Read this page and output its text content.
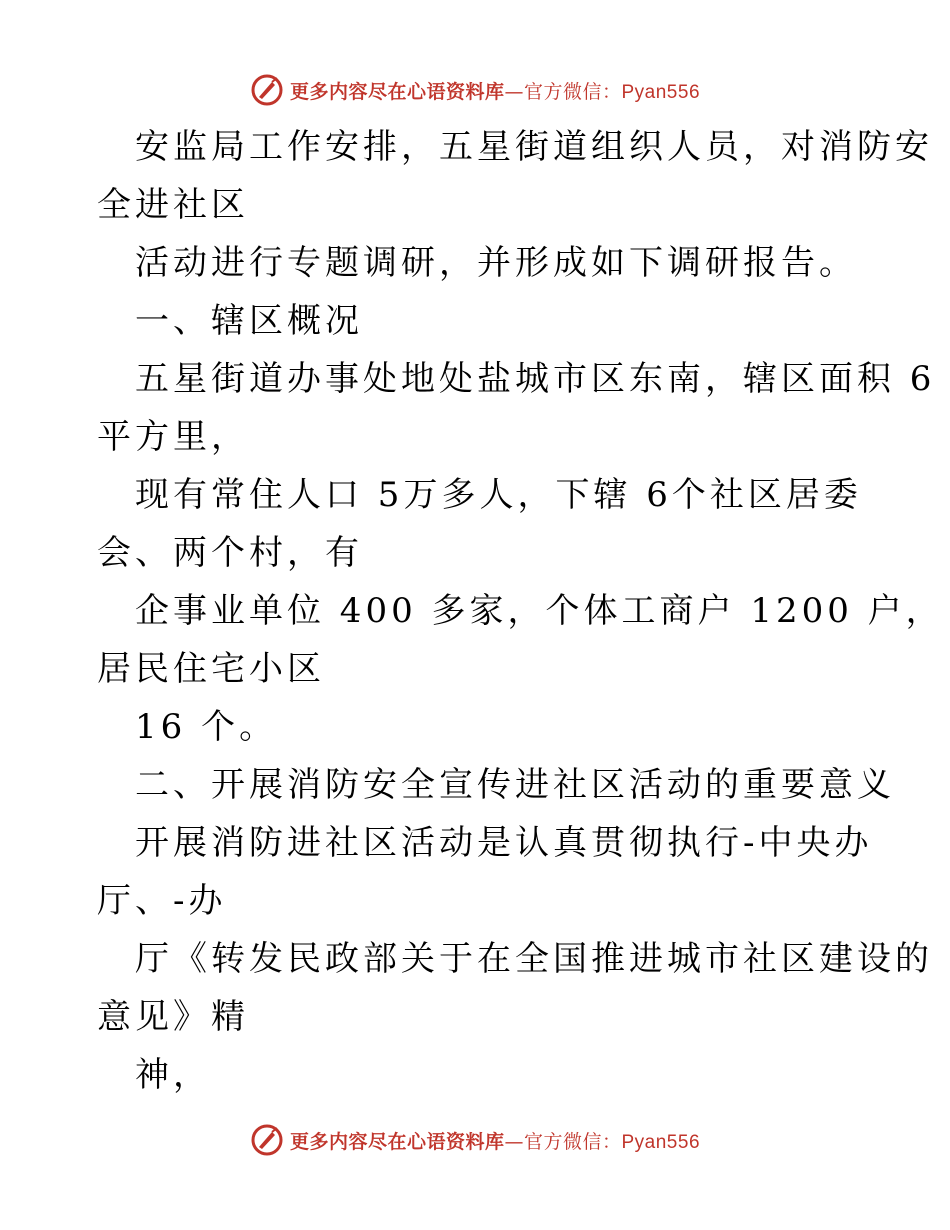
更多内容尽在心语资料库—官方微信：Pyan556
安监局工作安排，五星街道组织人员，对消防安
全进社区
活动进行专题调研，并形成如下调研报告。
一、辖区概况
五星街道办事处地处盐城市区东南，辖区面积 6
平方里，
现有常住人口 5万多人，下辖 6个社区居委
会、两个村，有
企事业单位 400 多家，个体工商户 1200 户，
居民住宅小区
16 个。
二、开展消防安全宣传进社区活动的重要意义
开展消防进社区活动是认真贯彻执行-中央办
厅、-办
厅《转发民政部关于在全国推进城市社区建设的
意见》精
神，
更多内容尽在心语资料库—官方微信：Pyan556
